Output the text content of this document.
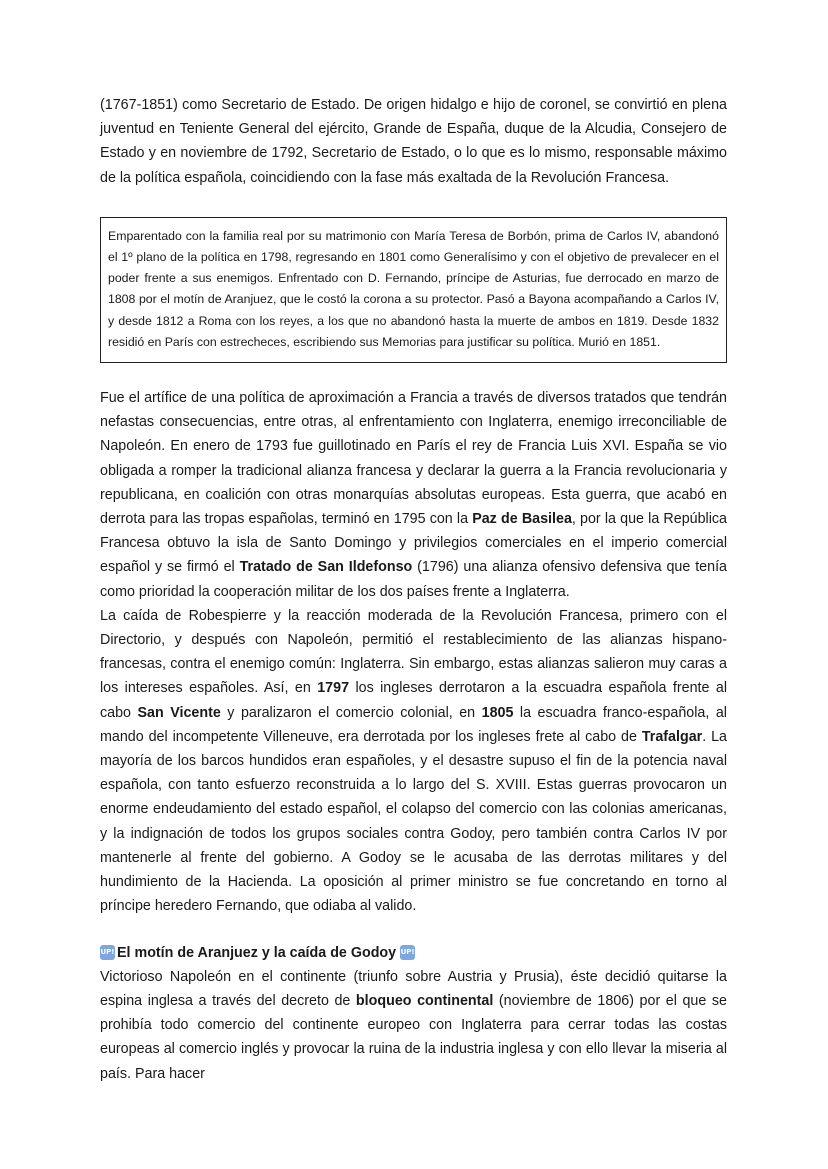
(1767-1851) como Secretario de Estado. De origen hidalgo e hijo de coronel, se convirtió en plena juventud en Teniente General del ejército, Grande de España, duque de la Alcudia, Consejero de Estado y en noviembre de 1792, Secretario de Estado, o lo que es lo mismo, responsable máximo de la política española, coincidiendo con la fase más exaltada de la Revolución Francesa.

Emparentado con la familia real por su matrimonio con María Teresa de Borbón, prima de Carlos IV, abandonó el 1º plano de la política en 1798, regresando en 1801 como Generalísimo y con el objetivo de prevalecer en el poder frente a sus enemigos. Enfrentado con D. Fernando, príncipe de Asturias, fue derrocado en marzo de 1808 por el motín de Aranjuez, que le costó la corona a su protector. Pasó a Bayona acompañando a Carlos IV, y desde 1812 a Roma con los reyes, a los que no abandonó hasta la muerte de ambos en 1819. Desde 1832 residió en París con estrecheces, escribiendo sus Memorias para justificar su política. Murió en 1851.

Fue el artífice de una política de aproximación a Francia a través de diversos tratados que tendrán nefastas consecuencias, entre otras, al enfrentamiento con Inglaterra, enemigo irreconciliable de Napoleón. En enero de 1793 fue guillotinado en París el rey de Francia Luis XVI. España se vio obligada a romper la tradicional alianza francesa y declarar la guerra a la Francia revolucionaria y republicana, en coalición con otras monarquías absolutas europeas. Esta guerra, que acabó en derrota para las tropas españolas, terminó en 1795 con la Paz de Basilea, por la que la República Francesa obtuvo la isla de Santo Domingo y privilegios comerciales en el imperio comercial español y se firmó el Tratado de San Ildefonso (1796) una alianza ofensivo defensiva que tenía como prioridad la cooperación militar de los dos países frente a Inglaterra.

La caída de Robespierre y la reacción moderada de la Revolución Francesa, primero con el Directorio, y después con Napoleón, permitió el restablecimiento de las alianzas hispano-francesas, contra el enemigo común: Inglaterra. Sin embargo, estas alianzas salieron muy caras a los intereses españoles. Así, en 1797 los ingleses derrotaron a la escuadra española frente al cabo San Vicente y paralizaron el comercio colonial, en 1805 la escuadra franco-española, al mando del incompetente Villeneuve, era derrotada por los ingleses frete al cabo de Trafalgar. La mayoría de los barcos hundidos eran españoles, y el desastre supuso el fin de la potencia naval española, con tanto esfuerzo reconstruida a lo largo del S. XVIII. Estas guerras provocaron un enorme endeudamiento del estado español, el colapso del comercio con las colonias americanas, y la indignación de todos los grupos sociales contra Godoy, pero también contra Carlos IV por mantenerle al frente del gobierno. A Godoy se le acusaba de las derrotas militares y del hundimiento de la Hacienda. La oposición al primer ministro se fue concretando en torno al príncipe heredero Fernando, que odiaba al valido.

UP! El motín de Aranjuez y la caída de Godoy UP!

Victorioso Napoleón en el continente (triunfo sobre Austria y Prusia), éste decidió quitarse la espina inglesa a través del decreto de bloqueo continental (noviembre de 1806) por el que se prohibía todo comercio del continente europeo con Inglaterra para cerrar todas las costas europeas al comercio inglés y provocar la ruina de la industria inglesa y con ello llevar la miseria al país. Para hacer
